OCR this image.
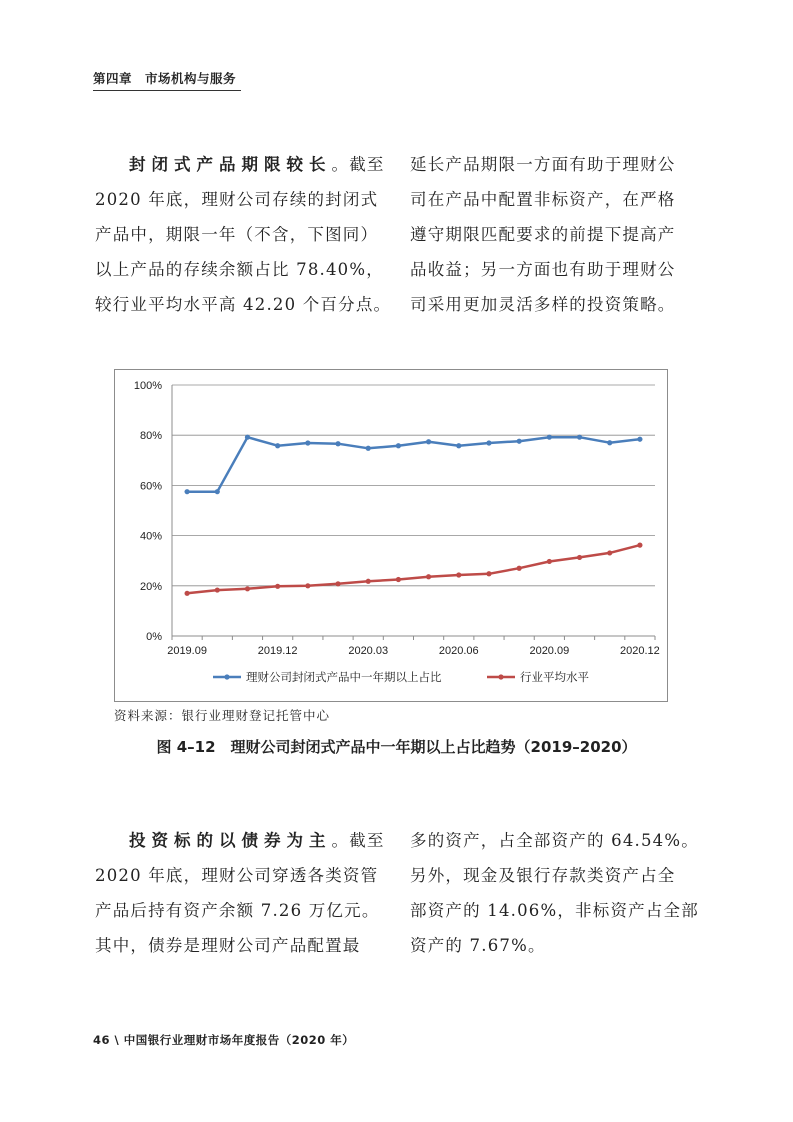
第四章　市场机构与服务
封闭式产品期限较长。截至
2020 年底，理财公司存续的封闭式
产品中，期限一年（不含，下图同）
以上产品的存续余额占比 78.40%，
较行业平均水平高 42.20 个百分点。
延长产品期限一方面有助于理财公
司在产品中配置非标资产，在严格
遵守期限匹配要求的前提下提高产
品收益；另一方面也有助于理财公
司采用更加灵活多样的投资策略。
0%
20%
40%
60%
80%
100%
2019.09	2019.12	2020.03	2020.06	2020.09	2020.12
理财公司封闭式产品中一年期以上占比	行业平均水平
资料来源：银行业理财登记托管中心
图 4–12　理财公司封闭式产品中一年期以上占比趋势（2019–2020）
投资标的以债券为主。截至
2020 年底，理财公司穿透各类资管
产品后持有资产余额 7.26 万亿元。
其中，债券是理财公司产品配置最
多的资产，占全部资产的 64.54%。
另外，现金及银行存款类资产占全
部资产的 14.06%，非标资产占全部
资产的 7.67%。
46 \ 中国银行业理财市场年度报告（2020 年）
